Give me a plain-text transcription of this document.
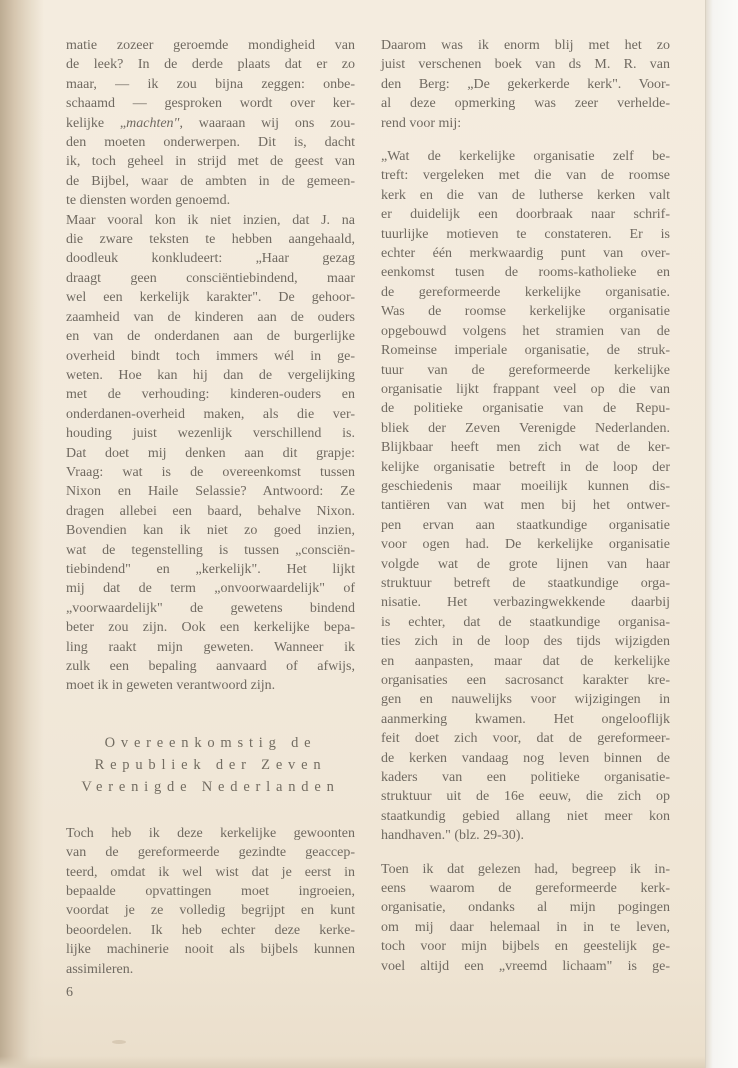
matie zozeer geroemde mondigheid van
de leek? In de derde plaats dat er zo
maar, — ik zou bijna zeggen: onbe-
schaamd — gesproken wordt over ker-
kelijke „machten", waaraan wij ons zou-
den moeten onderwerpen. Dit is, dacht
ik, toch geheel in strijd met de geest van
de Bijbel, waar de ambten in de gemeen-
te diensten worden genoemd.
Maar vooral kon ik niet inzien, dat J. na
die zware teksten te hebben aangehaald,
doodleuk konkludeert: „Haar gezag
draagt geen consciëntiebindend, maar
wel een kerkelijk karakter". De gehoor-
zaamheid van de kinderen aan de ouders
en van de onderdanen aan de burgerlijke
overheid bindt toch immers wél in ge-
weten. Hoe kan hij dan de vergelijking
met de verhouding: kinderen-ouders en
onderdanen-overheid maken, als die ver-
houding juist wezenlijk verschillend is.
Dat doet mij denken aan dit grapje:
Vraag: wat is de overeenkomst tussen
Nixon en Haile Selassie? Antwoord: Ze
dragen allebei een baard, behalve Nixon.
Bovendien kan ik niet zo goed inzien,
wat de tegenstelling is tussen „consciën-
tiebindend" en „kerkelijk". Het lijkt
mij dat de term „onvoorwaardelijk" of
„voorwaardelijk" de gewetens bindend
beter zou zijn. Ook een kerkelijke bepa-
ling raakt mijn geweten. Wanneer ik
zulk een bepaling aanvaard of afwijs,
moet ik in geweten verantwoord zijn.
Overeenkomstig de
Republiek der Zeven
Verenigde Nederlanden
Toch heb ik deze kerkelijke gewoonten
van de gereformeerde gezindte geaccep-
teerd, omdat ik wel wist dat je eerst in
bepaalde opvattingen moet ingroeien,
voordat je ze volledig begrijpt en kunt
beoordelen. Ik heb echter deze kerke-
lijke machinerie nooit als bijbels kunnen
assimileren.
6
Daarom was ik enorm blij met het zo
juist verschenen boek van ds M. R. van
den Berg: „De gekerkerde kerk". Voor-
al deze opmerking was zeer verhelde-
rend voor mij:
„Wat de kerkelijke organisatie zelf be-
treft: vergeleken met die van de roomse
kerk en die van de lutherse kerken valt
er duidelijk een doorbraak naar schrif-
tuurlijke motieven te constateren. Er is
echter één merkwaardig punt van over-
eenkomst tusen de rooms-katholieke en
de gereformeerde kerkelijke organisatie.
Was de roomse kerkelijke organisatie
opgebouwd volgens het stramien van de
Romeinse imperiale organisatie, de struk-
tuur van de gereformeerde kerkelijke
organisatie lijkt frappant veel op die van
de politieke organisatie van de Repu-
bliek der Zeven Verenigde Nederlanden.
Blijkbaar heeft men zich wat de ker-
kelijke organisatie betreft in de loop der
geschiedenis maar moeilijk kunnen dis-
tantiëren van wat men bij het ontwer-
pen ervan aan staatkundige organisatie
voor ogen had. De kerkelijke organisatie
volgde wat de grote lijnen van haar
struktuur betreft de staatkundige orga-
nisatie. Het verbazingwekkende daarbij
is echter, dat de staatkundige organisa-
ties zich in de loop des tijds wijzigden
en aanpasten, maar dat de kerkelijke
organisaties een sacrosanct karakter kre-
gen en nauwelijks voor wijzigingen in
aanmerking kwamen. Het ongelooflijk
feit doet zich voor, dat de gereformeer-
de kerken vandaag nog leven binnen de
kaders van een politieke organisatie-
struktuur uit de 16e eeuw, die zich op
staatkundig gebied allang niet meer kon
handhaven." (blz. 29-30).
Toen ik dat gelezen had, begreep ik in-
eens waarom de gereformeerde kerk-
organisatie, ondanks al mijn pogingen
om mij daar helemaal in in te leven,
toch voor mijn bijbels en geestelijk ge-
voel altijd een „vreemd lichaam" is ge-
